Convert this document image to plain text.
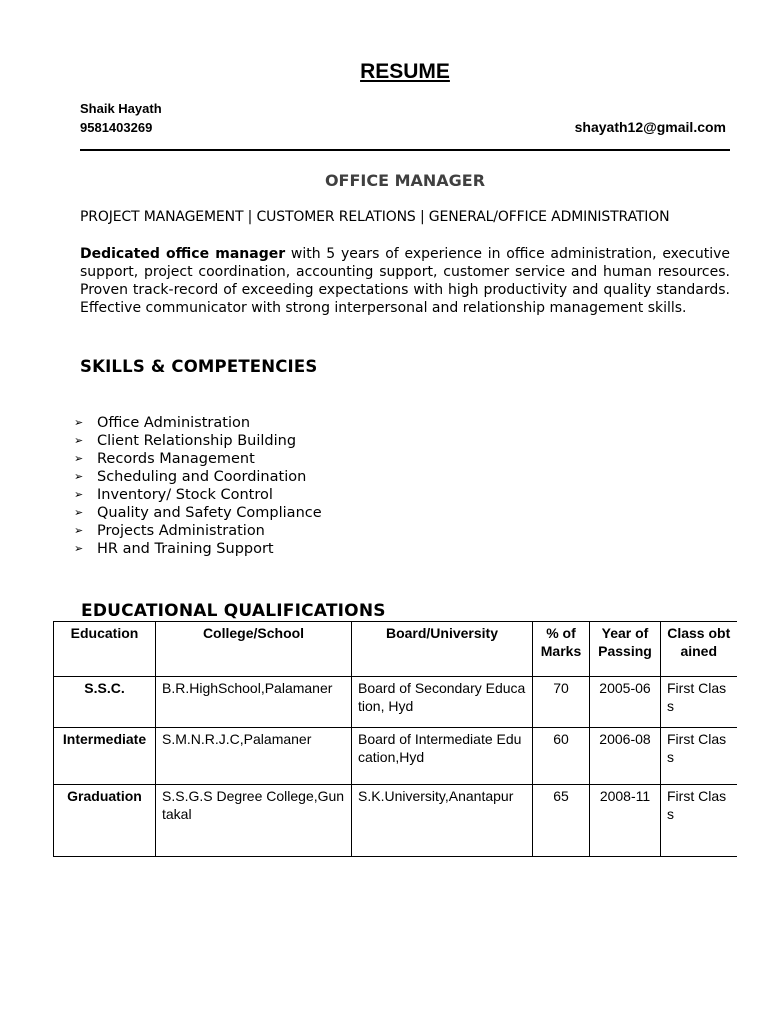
RESUME
Shaik Hayath
9581403269	shayath12@gmail.com
OFFICE MANAGER
PROJECT MANAGEMENT | CUSTOMER RELATIONS | GENERAL/OFFICE ADMINISTRATION
Dedicated office manager with 5 years of experience in office administration, executive support, project coordination, accounting support, customer service and human resources. Proven track-record of exceeding expectations with high productivity and quality standards. Effective communicator with strong interpersonal and relationship management skills.
SKILLS & COMPETENCIES
➢ Office Administration
➢ Client Relationship Building
➢ Records Management
➢ Scheduling and Coordination
➢ Inventory/ Stock Control
➢ Quality and Safety Compliance
➢ Projects Administration
➢ HR and Training Support
EDUCATIONAL QUALIFICATIONS
Education	College/School	Board/University	% of Marks	Year of Passing	Class obtained
S.S.C.	B.R.HighSchool,Palamaner	Board of Secondary Education, Hyd	70	2005-06	First Class
Intermediate	S.M.N.R.J.C,Palamaner	Board of Intermediate Education,Hyd	60	2006-08	First Class
Graduation	S.S.G.S Degree College,Guntakal	S.K.University,Anantapur	65	2008-11	First Class
